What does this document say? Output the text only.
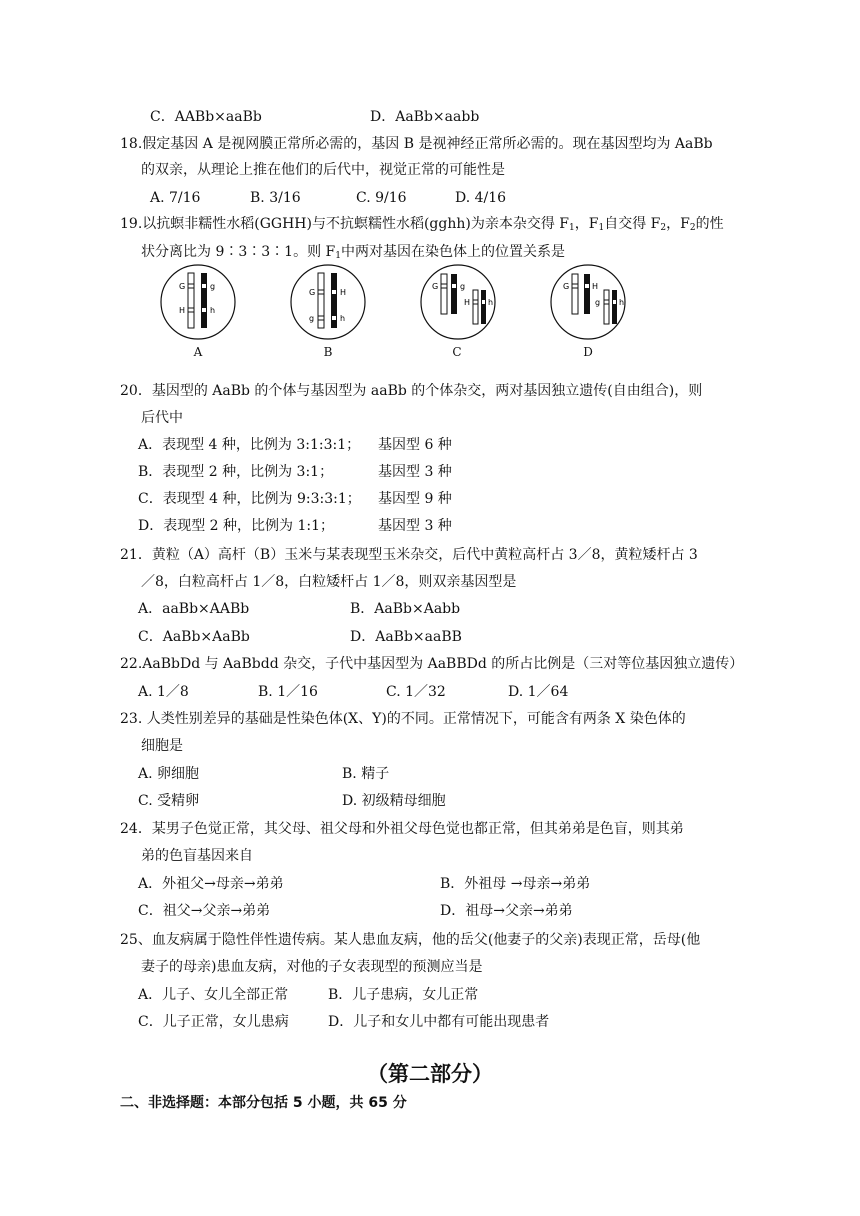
C．AABb×aaBb	D．AaBb×aabb
18.假定基因 A 是视网膜正常所必需的，基因 B 是视神经正常所必需的。现在基因型均为 AaBb
的双亲，从理论上推在他们的后代中，视觉正常的可能性是
A. 7/16	B. 3/16	C. 9/16	D. 4/16
19.以抗螟非糯性水稻(GGHH)与不抗螟糯性水稻(gghh)为亲本杂交得 $F_1$，$F_1$自交得 $F_2$，$F_2$的性
状分离比为 9∶3∶3∶1。则 $F_1$中两对基因在染色体上的位置关系是
G
H
g
h
A
G
g
H
h
B
G	g
H h
C
G	H
g h
D
20．基因型的 AaBb 的个体与基因型为 aaBb 的个体杂交，两对基因独立遗传(自由组合)，则
后代中
A．表现型 4 种，比例为 3:1:3:1； 基因型 6 种
B．表现型 2 种，比例为 3:1；	基因型 3 种
C．表现型 4 种，比例为 9:3:3:1； 基因型 9 种
D．表现型 2 种，比例为 1:1；	基因型 3 种
21．黄粒（A）高杆（B）玉米与某表现型玉米杂交，后代中黄粒高杆占 3／8，黄粒矮杆占 3
／8，白粒高杆占 1／8，白粒矮杆占 1／8，则双亲基因型是
A．aaBb×AABb	B．AaBb×Aabb
C．AaBb×AaBb	D．AaBb×aaBB
22.AaBbDd 与 AaBbdd 杂交，子代中基因型为 AaBBDd 的所占比例是（三对等位基因独立遗传）
A. 1／8	B. 1／16	C. 1／32	D. 1／64
23. 人类性别差异的基础是性染色体(X、Y)的不同。正常情况下，可能含有两条 X 染色体的
细胞是
A. 卵细胞	B. 精子
C. 受精卵	D. 初级精母细胞
24．某男子色觉正常，其父母、祖父母和外祖父母色觉也都正常，但其弟弟是色盲，则其弟
弟的色盲基因来自
A．外祖父→母亲→弟弟	B．外祖母 →母亲→弟弟
C．祖父→父亲→弟弟	D．祖母→父亲→弟弟
25、血友病属于隐性伴性遗传病。某人患血友病，他的岳父(他妻子的父亲)表现正常，岳母(他
妻子的母亲)患血友病，对他的子女表现型的预测应当是
A．儿子、女儿全部正常	B．儿子患病，女儿正常
C．儿子正常，女儿患病	D．儿子和女儿中都有可能出现患者
（第二部分）
二、非选择题：本部分包括 5 小题，共 65 分
